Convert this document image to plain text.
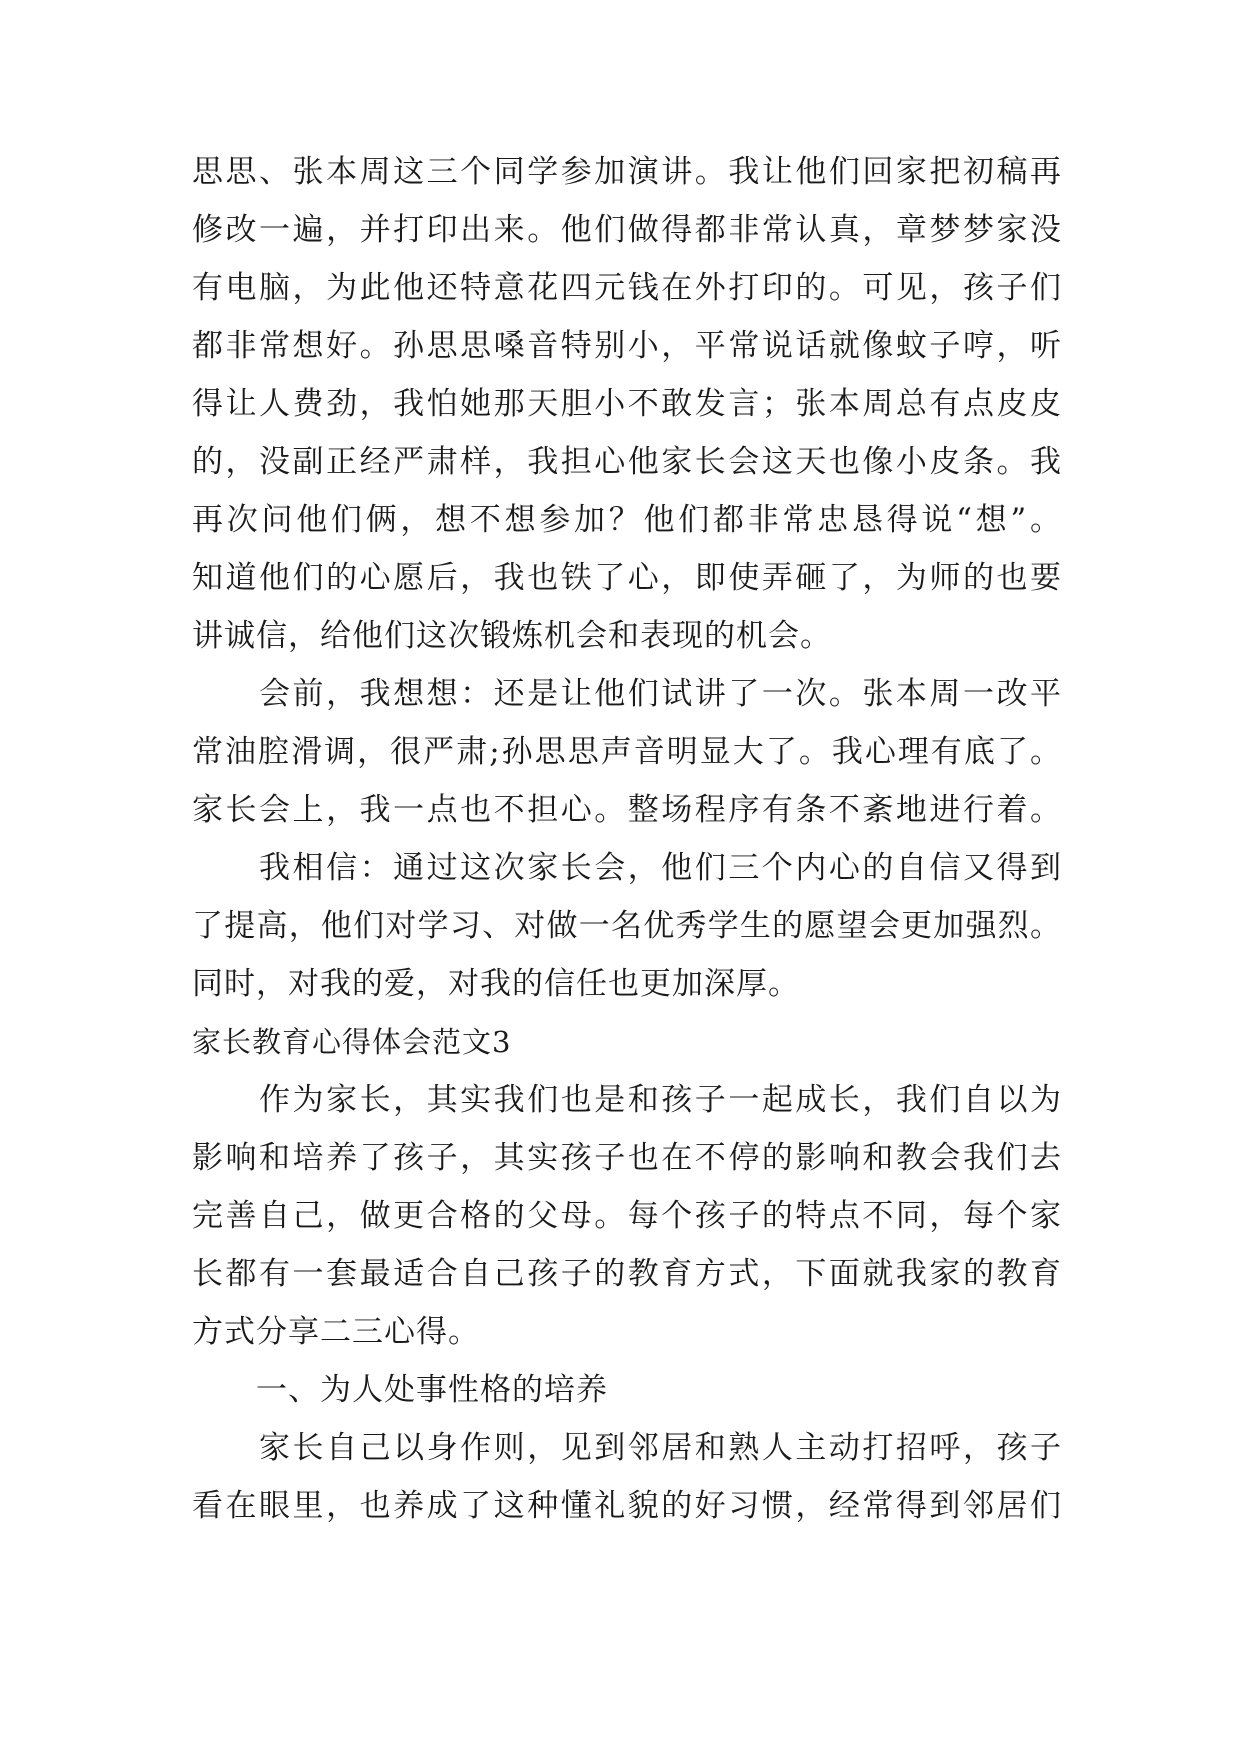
思思、张本周这三个同学参加演讲。我让他们回家把初稿再
修改一遍，并打印出来。他们做得都非常认真，章梦梦家没
有电脑，为此他还特意花四元钱在外打印的。可见，孩子们
都非常想好。孙思思嗓音特别小，平常说话就像蚊子哼，听
得让人费劲，我怕她那天胆小不敢发言；张本周总有点皮皮
的，没副正经严肃样，我担心他家长会这天也像小皮条。我
再次问他们俩，想不想参加？他们都非常忠恳得说“想”。
知道他们的心愿后，我也铁了心，即使弄砸了，为师的也要
讲诚信，给他们这次锻炼机会和表现的机会。
　　会前，我想想：还是让他们试讲了一次。张本周一改平
常油腔滑调，很严肃;孙思思声音明显大了。我心理有底了。
家长会上，我一点也不担心。整场程序有条不紊地进行着。
　　我相信：通过这次家长会，他们三个内心的自信又得到
了提高，他们对学习、对做一名优秀学生的愿望会更加强烈。
同时，对我的爱，对我的信任也更加深厚。
家长教育心得体会范文3
　　作为家长，其实我们也是和孩子一起成长，我们自以为
影响和培养了孩子，其实孩子也在不停的影响和教会我们去
完善自己，做更合格的父母。每个孩子的特点不同，每个家
长都有一套最适合自己孩子的教育方式，下面就我家的教育
方式分享二三心得。
　　一、为人处事性格的培养
　　家长自己以身作则，见到邻居和熟人主动打招呼，孩子
看在眼里，也养成了这种懂礼貌的好习惯，经常得到邻居们
